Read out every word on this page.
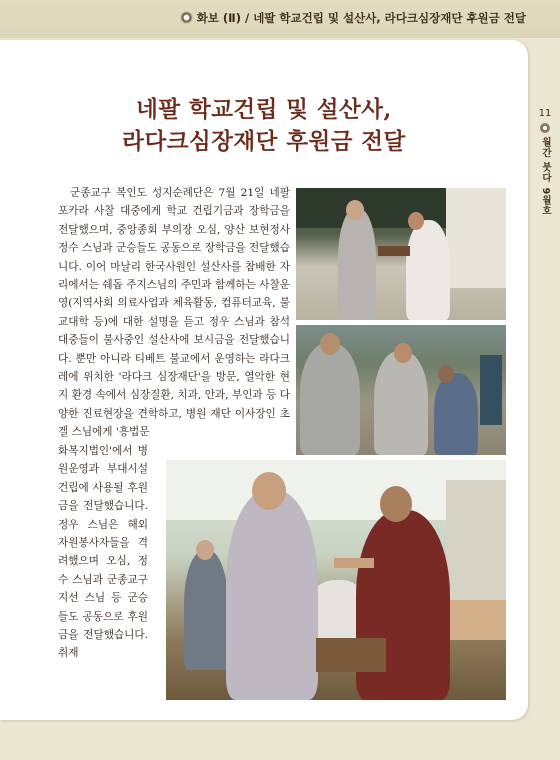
화보 (Ⅱ) / 네팔 학교건립 및 설산사, 라다크심장재단 후원금 전달
네팔 학교건립 및 설산사,
라다크심장재단 후원금 전달
군종교구 복인도 성지순례단은 7월 21일 네팔 포카라 사찰 대중에게 학교 건립기금과 장학금을 전달했으며, 중앙종회 부의장 오심, 양산 보현정사 정수 스님과 군승들도 공동으로 장학금을 전달했습니다. 이어 마날리 한국사원인 설산사를 참배한 자리에서는 쉐돕 주지스님의 주민과 함께하는 사찰운영(지역사회 의료사업과 체육활동, 컴퓨터교육, 불교대학 등)에 대한 설명을 듣고 정우 스님과 참석 대중들이 불사중인 설산사에 보시금을 전달했습니다. 뿐만 아니라 티베트 불교에서 운영하는 라다크 레에 위치한 '라다크 심장재단'을 방문, 열악한 현지 환경 속에서 심장질환, 치과, 안과, 부인과 등 다양한 진료현장을 견학하고, 병원 재단 이사장인 초겔 스님에게 '흥법문
화복지법인'에서 병원운영과 부대시설 건립에 사용될 후원금을 전달했습니다. 정우 스님은 해외 자원봉사자들을 격려했으며 오심, 정수 스님과 군종교구 지선 스님 등 군승들도 공동으로 후원금을 전달했습니다. 취재
11
월간 붓다 9월호
